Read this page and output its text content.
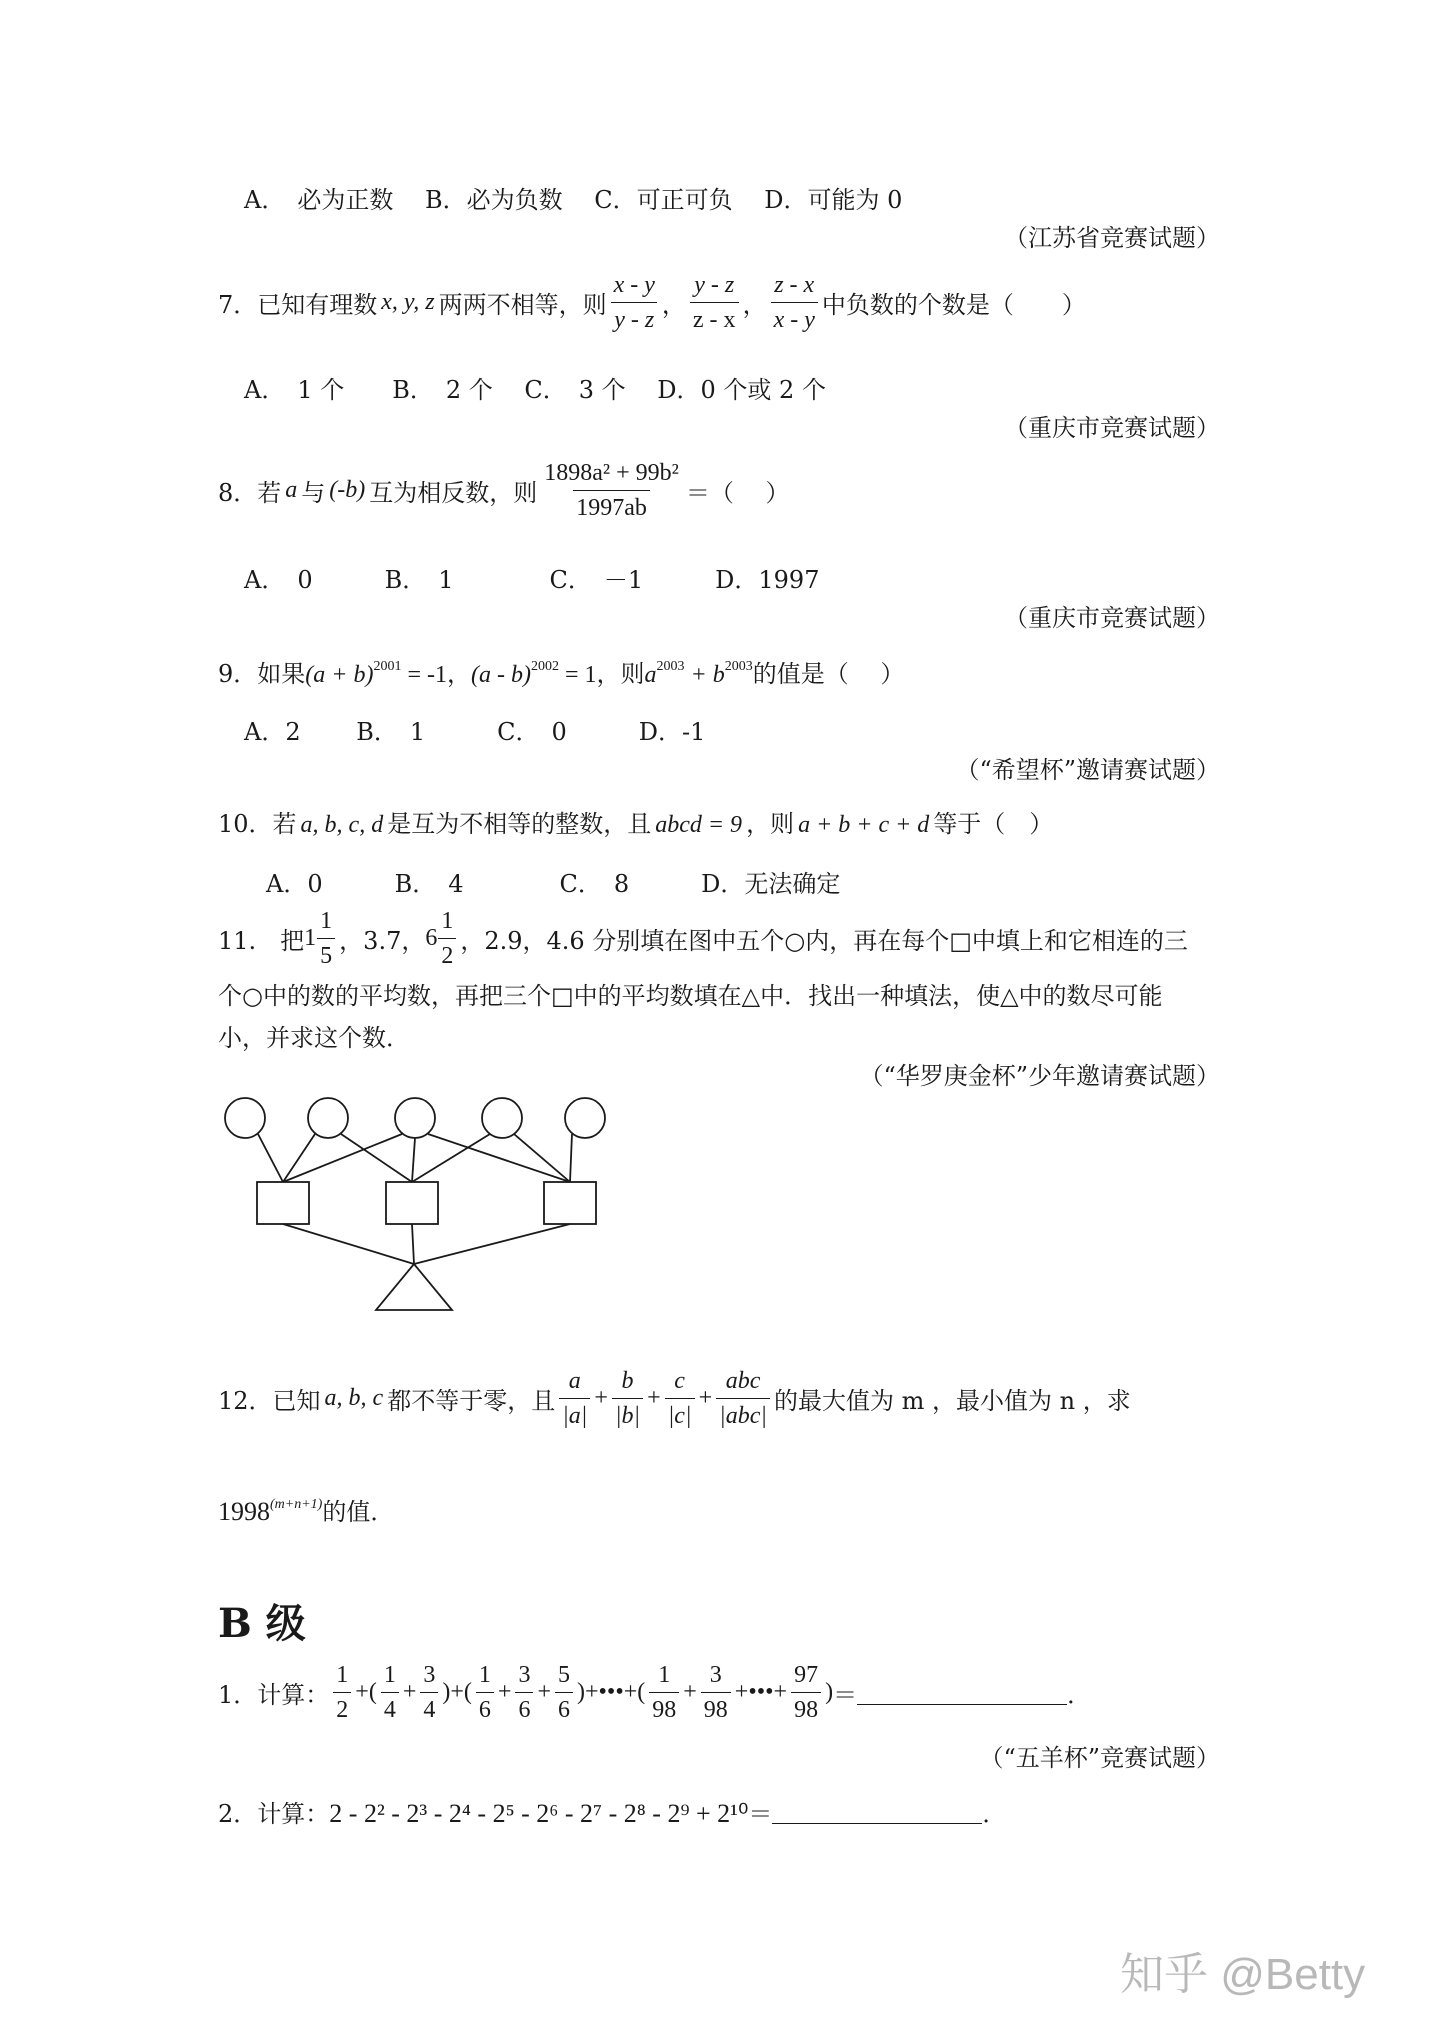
A．　必为正数　 B．必为负数　 C．可正可负　 D．可能为 0
（江苏省竞赛试题）
7．已知有理数 x, y, z 两两不相等，则 $\frac{x - y}{y - z}$ ， $\frac{y - z}{z - x}$ ， $\frac{z - x}{x - y}$ 中负数的个数是（　　）
A．　1 个　　B．　2 个　 C．　3 个　 D．0 个或 2 个
（重庆市竞赛试题）
8．若 a 与 (-b) 互为相反数，则 $\frac{\text{1898a² + 99b²}}{1997ab}$ ＝（　 ）
A．　0　　　B．　1　　　　C．　－1　　　D．1997
（重庆市竞赛试题）
9．如果$(a + b)^{2001} = -1$，(a - b)$^{2002}$ = 1，则$a^{2003} + b^{2003}$的值是（　 ）
A．2　　 B．　1　　　C．　0　　　D．-1
（“希望杯”邀请赛试题）
10．若 a, b, c, d 是互为不相等的整数，且 abcd = 9 ，则 a + b + c + d 等于（　）
A．0　　　B．　4　　　　C．　8　　　D．无法确定
11.　把 $1 \frac{1}{5}$ ，3.7， $6 \frac{1}{2}$ ，2.9，4.6 分别填在图中五个○内，再在每个□中填上和它相连的三
个○中的数的平均数，再把三个□中的平均数填在△中．找出一种填法，使△中的数尽可能
小，并求这个数．
（“华罗庚金杯”少年邀请赛试题）
12．已知 a, b, c 都不等于零，且 $\frac{a}{|a|} + \frac{b}{|b|} + \frac{c}{|c|} + \frac{\text{abc}}{\text{|abc|}}$ 的最大值为 m ，最小值为 n ，求
$1998^{(m+n+1)}$的值．
B 级
1．计算： $\frac{1}{2}$ +( $\frac{1}{4} + \frac{3}{4}$ )+( $\frac{1}{6} + \frac{3}{6} + \frac{5}{6}$ )+•••+( $\frac{1}{98} + \frac{3}{98}$ +•••+ $\frac{97}{98}$ ) ＝	．
（“五羊杯”竞赛试题）
2．计算：2 - 2² - 2³ - 2⁴ - 2⁵ - 2⁶ - 2⁷ - 2⁸ - 2⁹ + 2¹⁰＝	．
知乎 @Betty
